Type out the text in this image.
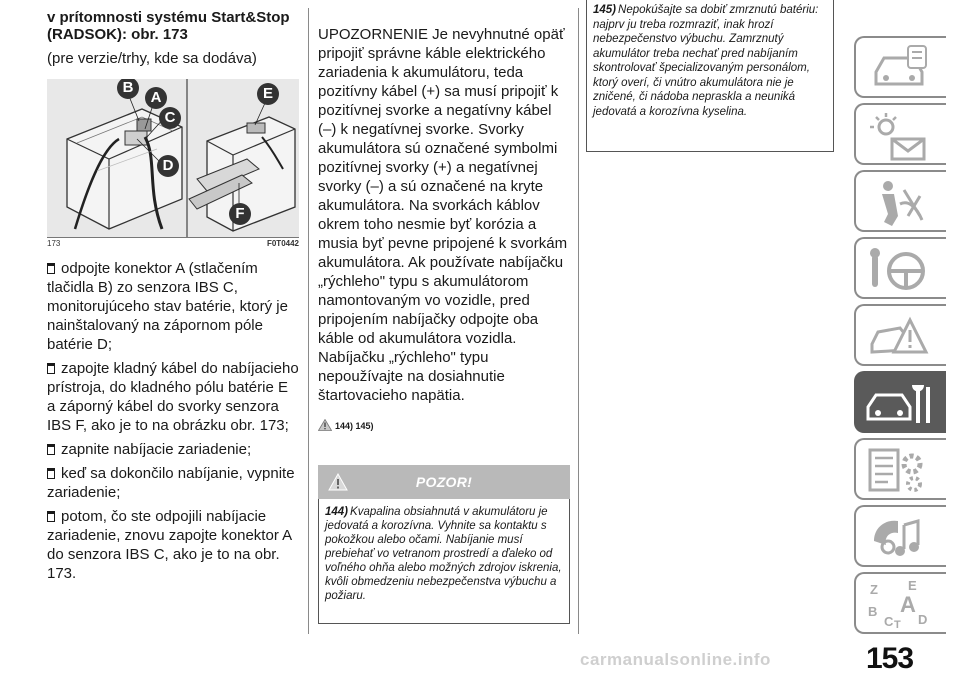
v prítomnosti systému Start&Stop
(RADSOK): obr. 173
(pre verzie/trhy, kde sa dodáva)
B
A
C
D
E
F
173	F0T0442
odpojte konektor A (stlačením tlačidla B) zo senzora IBS C, monitorujúceho stav batérie, ktorý je nainštalovaný na zápornom póle batérie D;
zapojte kladný kábel do nabíjacieho prístroja, do kladného pólu batérie E a záporný kábel do svorky senzora IBS F, ako je to na obrázku obr. 173;
zapnite nabíjacie zariadenie;
keď sa dokončilo nabíjanie, vypnite zariadenie;
potom, čo ste odpojili nabíjacie zariadenie, znovu zapojte konektor A do senzora IBS C, ako je to na obr. 173.
UPOZORNENIE Je nevyhnutné opäť pripojiť správne káble elektrického zariadenia k akumulátoru, teda pozitívny kábel (+) sa musí pripojiť k pozitívnej svorke a negatívny kábel (–) k negatívnej svorke. Svorky akumulátora sú označené symbolmi pozitívnej svorky (+) a negatívnej svorky (–) a sú označené na kryte akumulátora. Na svorkách káblov okrem toho nesmie byť korózia a musia byť pevne pripojené k svorkám akumulátora. Ak používate nabíjačku „rýchleho" typu s akumulátorom namontovaným vo vozidle, pred pripojením nabíjačky odpojte oba káble od akumulátora vozidla. Nabíjačku „rýchleho" typu nepoužívajte na dosiahnutie štartovacieho napätia.
144) 145)
POZOR!
144) Kvapalina obsiahnutá v akumulátoru je jedovatá a korozívna. Vyhnite sa kontaktu s pokožkou alebo očami. Nabíjanie musí prebiehať vo vetranom prostredí a ďaleko od voľného ohňa alebo možných zdrojov iskrenia, kvôli obmedzeniu nebezpečenstva výbuchu a požiaru.
145) Nepokúšajte sa dobiť zmrznutú batériu: najprv ju treba rozmraziť, inak hrozí nebezpečenstvo výbuchu. Zamrznutý akumulátor treba nechať pred nabíjaním skontrolovať špecializovaným personálom, ktorý overí, či vnútro akumulátora nie je zničené, či nádoba nepraskla a neuniká jedovatá a korozívna kyselina.
Z E
B A
C T D
carmanualsonline.info	153
